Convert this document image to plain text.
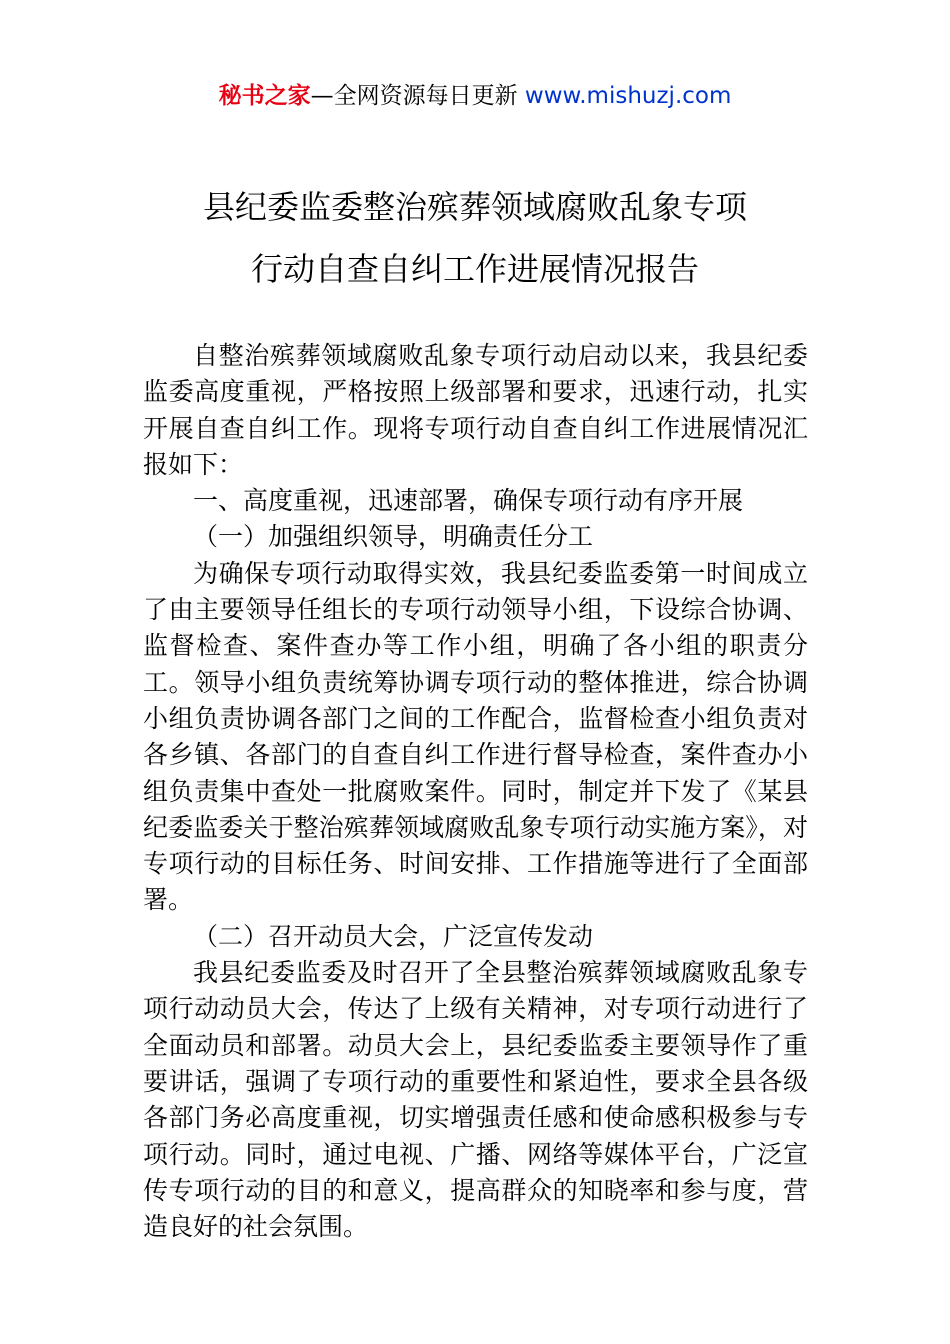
秘书之家—全网资源每日更新 www.mishuzj.com
县纪委监委整治殡葬领域腐败乱象专项
行动自查自纠工作进展情况报告

自整治殡葬领域腐败乱象专项行动启动以来，我县纪委监委高度重视，严格按照上级部署和要求，迅速行动，扎实开展自查自纠工作。现将专项行动自查自纠工作进展情况汇报如下：

一、高度重视，迅速部署，确保专项行动有序开展

（一）加强组织领导，明确责任分工

为确保专项行动取得实效，我县纪委监委第一时间成立了由主要领导任组长的专项行动领导小组，下设综合协调、监督检查、案件查办等工作小组，明确了各小组的职责分工。领导小组负责统筹协调专项行动的整体推进，综合协调小组负责协调各部门之间的工作配合，监督检查小组负责对各乡镇、各部门的自查自纠工作进行督导检查，案件查办小组负责集中查处一批腐败案件。同时，制定并下发了《某县纪委监委关于整治殡葬领域腐败乱象专项行动实施方案》，对专项行动的目标任务、时间安排、工作措施等进行了全面部署。

（二）召开动员大会，广泛宣传发动

我县纪委监委及时召开了全县整治殡葬领域腐败乱象专项行动动员大会，传达了上级有关精神，对专项行动进行了全面动员和部署。动员大会上，县纪委监委主要领导作了重要讲话，强调了专项行动的重要性和紧迫性，要求全县各级各部门务必高度重视，切实增强责任感和使命感积极参与专项行动。同时，通过电视、广播、网络等媒体平台，广泛宣传专项行动的目的和意义，提高群众的知晓率和参与度，营造良好的社会氛围。
